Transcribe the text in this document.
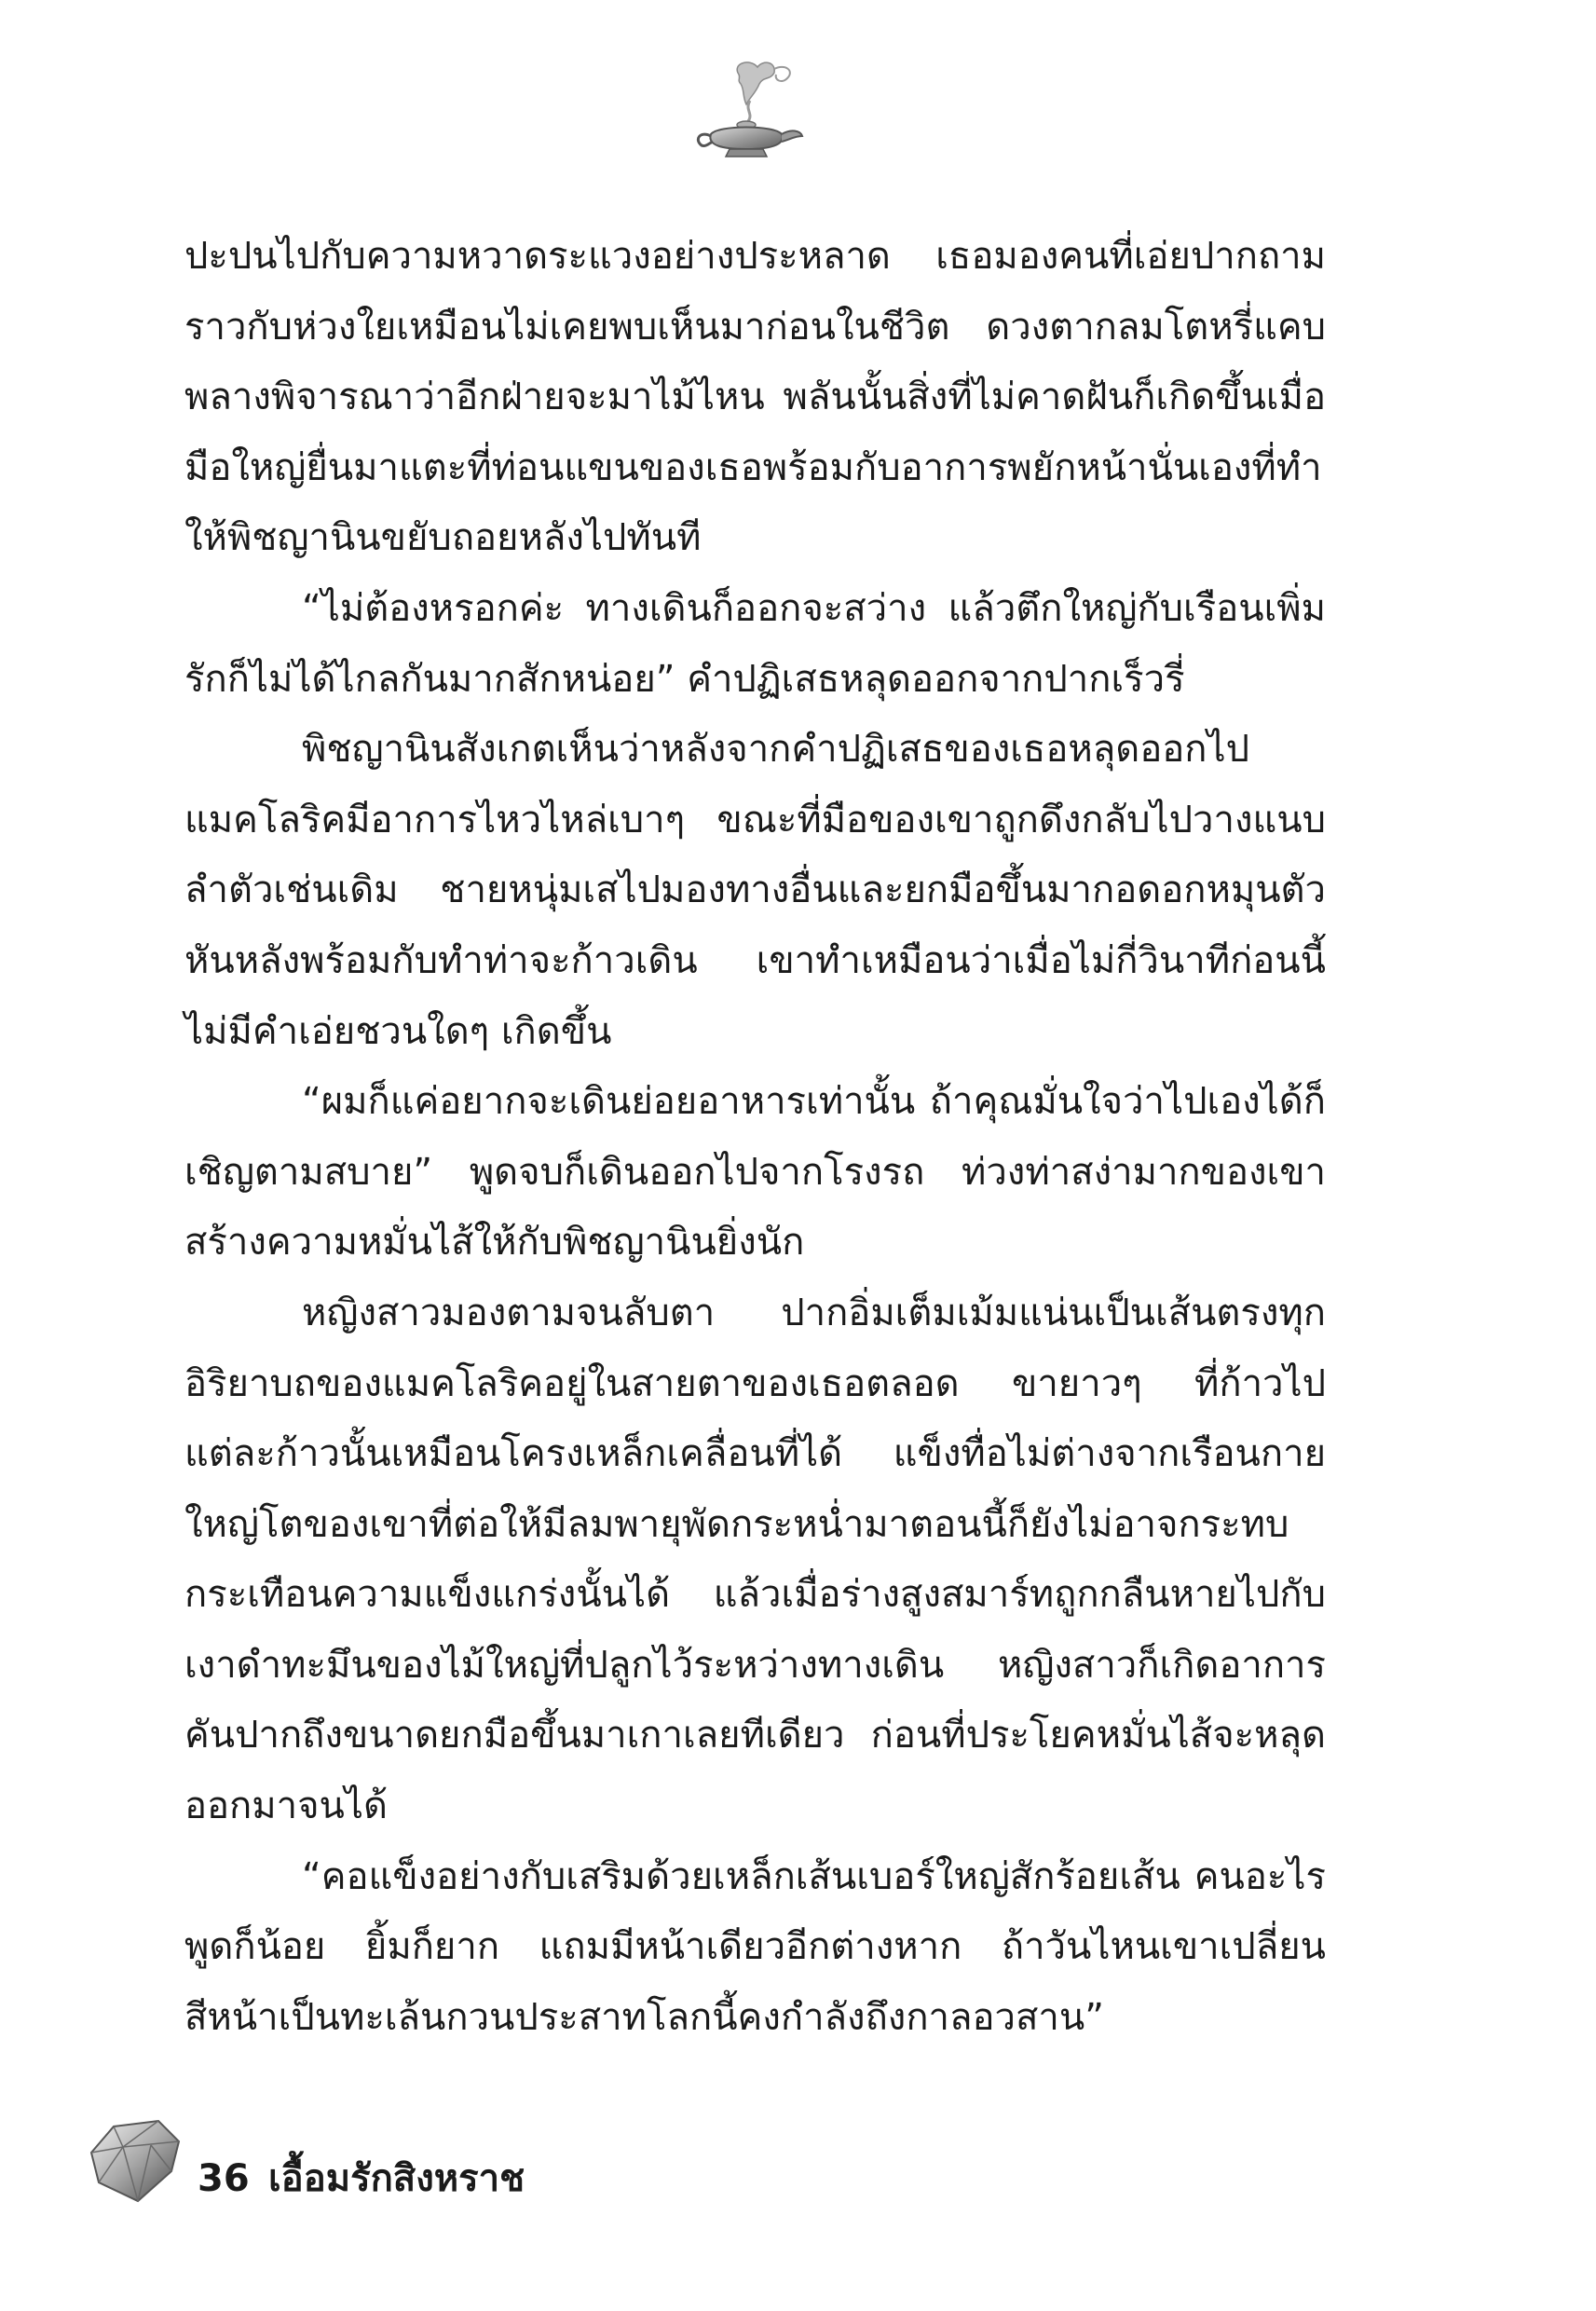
ปะปนไปกับความหวาดระแวงอย่างประหลาด เธอมองคนที่เอ่ยปากถามราวกับห่วงใยเหมือนไม่เคยพบเห็นมาก่อนในชีวิต ดวงตากลมโตหรี่แคบพลางพิจารณาว่าอีกฝ่ายจะมาไม้ไหน พลันนั้นสิ่งที่ไม่คาดฝันก็เกิดขึ้นเมื่อมือใหญ่ยื่นมาแตะที่ท่อนแขนของเธอพร้อมกับอาการพยักหน้านั่นเองที่ทำให้พิชญานินขยับถอยหลังไปทันที

“ไม่ต้องหรอกค่ะ ทางเดินก็ออกจะสว่าง แล้วตึกใหญ่กับเรือนเพิ่มรักก็ไม่ได้ไกลกันมากสักหน่อย” คำปฏิเสธหลุดออกจากปากเร็วรี่

พิชญานินสังเกตเห็นว่าหลังจากคำปฏิเสธของเธอหลุดออกไปแมคโลริคมีอาการไหวไหล่เบาๆ ขณะที่มือของเขาถูกดึงกลับไปวางแนบลำตัวเช่นเดิม ชายหนุ่มเสไปมองทางอื่นและยกมือขึ้นมากอดอกหมุนตัวหันหลังพร้อมกับทำท่าจะก้าวเดิน เขาทำเหมือนว่าเมื่อไม่กี่วินาทีก่อนนี้ไม่มีคำเอ่ยชวนใดๆ เกิดขึ้น

“ผมก็แค่อยากจะเดินย่อยอาหารเท่านั้น ถ้าคุณมั่นใจว่าไปเองได้ก็เชิญตามสบาย” พูดจบก็เดินออกไปจากโรงรถ ท่วงท่าสง่ามากของเขาสร้างความหมั่นไส้ให้กับพิชญานินยิ่งนัก

หญิงสาวมองตามจนลับตา ปากอิ่มเต็มเม้มแน่นเป็นเส้นตรงทุกอิริยาบถของแมคโลริคอยู่ในสายตาของเธอตลอด ขายาวๆ ที่ก้าวไปแต่ละก้าวนั้นเหมือนโครงเหล็กเคลื่อนที่ได้ แข็งทื่อไม่ต่างจากเรือนกายใหญ่โตของเขาที่ต่อให้มีลมพายุพัดกระหน่ำมาตอนนี้ก็ยังไม่อาจกระทบกระเทือนความแข็งแกร่งนั้นได้ แล้วเมื่อร่างสูงสมาร์ทถูกกลืนหายไปกับเงาดำทะมึนของไม้ใหญ่ที่ปลูกไว้ระหว่างทางเดิน หญิงสาวก็เกิดอาการคันปากถึงขนาดยกมือขึ้นมาเกาเลยทีเดียว ก่อนที่ประโยคหมั่นไส้จะหลุดออกมาจนได้

“คอแข็งอย่างกับเสริมด้วยเหล็กเส้นเบอร์ใหญ่สักร้อยเส้น คนอะไร พูดก็น้อย ยิ้มก็ยาก แถมมีหน้าเดียวอีกต่างหาก ถ้าวันไหนเขาเปลี่ยนสีหน้าเป็นทะเล้นกวนประสาทโลกนี้คงกำลังถึงกาลอวสาน”

36 เอื้อมรักสิงหราช
